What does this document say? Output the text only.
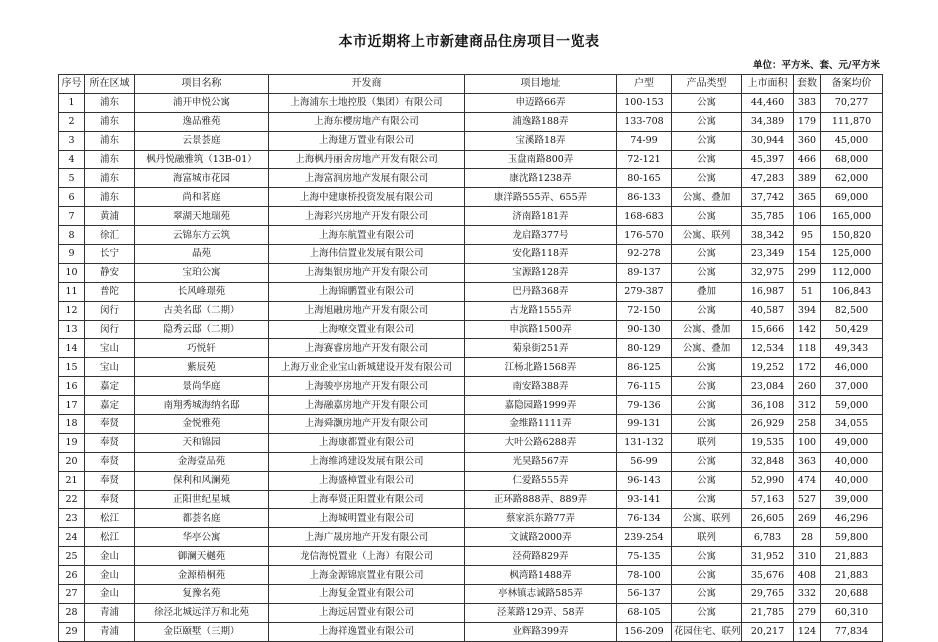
本市近期将上市新建商品住房项目一览表
单位：平方米、套、元/平方米
序号	所在区域	项目名称	开发商	项目地址	户型	产品类型	上市面积	套数	备案均价
1	浦东	浦开申悦公寓	上海浦东土地控股（集团）有限公司	申迈路66弄	100-153	公寓	44,460	383	70,277
2	浦东	逸品雅苑	上海东樱房地产有限公司	浦逸路188弄	133-708	公寓	34,389	179	111,870
3	浦东	云景荟庭	上海建万置业有限公司	宝溪路18弄	74-99	公寓	30,944	360	45,000
4	浦东	枫丹悦融雅筑（13B-01）	上海枫丹丽舍房地产开发有限公司	玉盘南路800弄	72-121	公寓	45,397	466	68,000
5	浦东	海富城市花园	上海富润房地产发展有限公司	康沈路1238弄	80-165	公寓	47,283	389	62,000
6	浦东	尚和茗庭	上海中建康桥投资发展有限公司	康洋路555弄、655弄	86-133	公寓、叠加	37,742	365	69,000
7	黄浦	翠湖天地瑞苑	上海彩兴房地产开发有限公司	济南路181弄	168-683	公寓	35,785	106	165,000
8	徐汇	云锦东方云筑	上海东航置业有限公司	龙启路377号	176-570	公寓、联列	38,342	95	150,820
9	长宁	晶苑	上海伟信置业发展有限公司	安化路118弄	92-278	公寓	23,349	154	125,000
10	静安	宝珀公寓	上海集银房地产开发有限公司	宝源路128弄	89-137	公寓	32,975	299	112,000
11	普陀	长风峰璟苑	上海锦鹏置业有限公司	巴丹路368弄	279-387	叠加	16,987	51	106,843
12	闵行	古美名邸（二期）	上海旭融房地产开发有限公司	古龙路1555弄	72-150	公寓	40,587	394	82,500
13	闵行	隐秀云邸（二期）	上海嘹交置业有限公司	申滨路1500弄	90-130	公寓、叠加	15,666	142	50,429
14	宝山	巧悦轩	上海赛睿房地产开发有限公司	菊泉街251弄	80-129	公寓、叠加	12,534	118	49,343
15	宝山	紫辰苑	上海万业企业宝山新城建设开发有限公司	江杨北路1568弄	86-125	公寓	19,252	172	46,000
16	嘉定	景尚华庭	上海骏亭房地产开发有限公司	南安路388弄	76-115	公寓	23,084	260	37,000
17	嘉定	南翔秀城海纳名邸	上海融嘉房地产开发有限公司	嘉隐园路1999弄	79-136	公寓	36,108	312	59,000
18	奉贤	金悦雅苑	上海舜灏房地产开发有限公司	金维路1111弄	99-131	公寓	26,929	258	34,055
19	奉贤	天和锦园	上海康都置业有限公司	大叶公路6288弄	131-132	联列	19,535	100	49,000
20	奉贤	金海壹品苑	上海维鸿建设发展有限公司	光昊路567弄	56-99	公寓	32,848	363	40,000
21	奉贤	保利和风澜苑	上海盛樟置业有限公司	仁爱路555弄	96-143	公寓	52,990	474	40,000
22	奉贤	正阳世纪星城	上海奉贤正阳置业有限公司	正环路888弄、889弄	93-141	公寓	57,163	527	39,000
23	松江	都荟名庭	上海城明置业有限公司	蔡家浜东路77弄	76-134	公寓、联列	26,605	269	46,296
24	松江	华亭公寓	上海广晟房地产开发有限公司	文诚路2000弄	239-254	联列	6,783	28	59,800
25	金山	御澜天樾苑	龙信海悦置业（上海）有限公司	泾荷路829弄	75-135	公寓	31,952	310	21,883
26	金山	金源梧桐苑	上海金源锦宸置业有限公司	枫湾路1488弄	78-100	公寓	35,676	408	21,883
27	金山	复豫名苑	上海复金置业有限公司	亭林镇志诚路585弄	56-137	公寓	29,765	332	20,688
28	青浦	徐泾北城远洋万和北苑	上海远居置业有限公司	泾莱路129弄、58弄	68-105	公寓	21,785	279	60,310
29	青浦	金臣颐墅（三期）	上海祥逸置业有限公司	业辉路399弄	156-209	花园住宅、联列	20,217	124	77,834
